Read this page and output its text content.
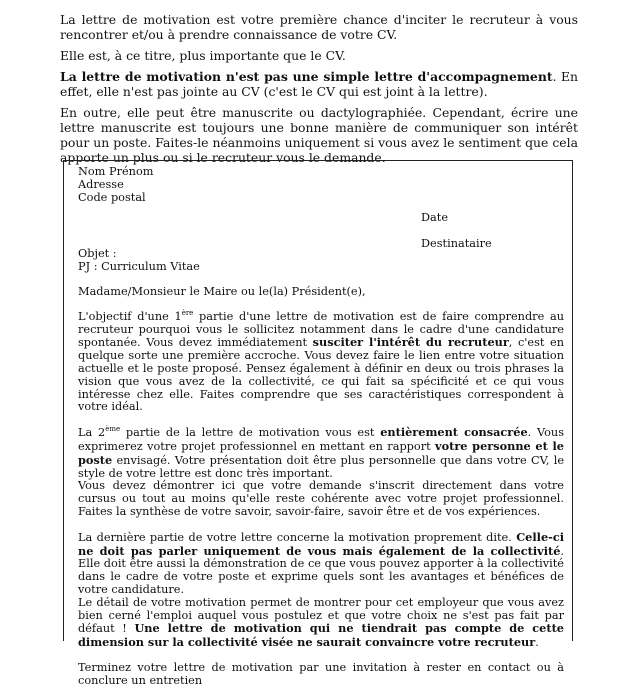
La lettre de motivation est votre première chance d'inciter le recruteur à vous rencontrer et/ou à prendre connaissance de votre CV.

Elle est, à ce titre, plus importante que le CV.

La lettre de motivation n'est pas une simple lettre d'accompagnement. En effet, elle n'est pas jointe au CV (c'est le CV qui est joint à la lettre).

En outre, elle peut être manuscrite ou dactylographiée. Cependant, écrire une lettre manuscrite est toujours une bonne manière de communiquer son intérêt pour un poste. Faites-le néanmoins uniquement si vous avez le sentiment que cela apporte un plus ou si le recruteur vous le demande.

Nom Prénom
Adresse
Code postal
Date
Destinataire
Objet :
PJ : Curriculum Vitae
Madame/Monsieur le Maire ou le(la) Président(e),

L'objectif d'une 1ère partie d'une lettre de motivation est de faire comprendre au recruteur pourquoi vous le sollicitez notamment dans le cadre d'une candidature spontanée. Vous devez immédiatement susciter l'intérêt du recruteur, c'est en quelque sorte une première accroche. Vous devez faire le lien entre votre situation actuelle et le poste proposé. Pensez également à définir en deux ou trois phrases la vision que vous avez de la collectivité, ce qui fait sa spécificité et ce qui vous intéresse chez elle. Faites comprendre que ses caractéristiques correspondent à votre idéal.

La 2ème partie de la lettre de motivation vous est entièrement consacrée. Vous exprimerez votre projet professionnel en mettant en rapport votre personne et le poste envisagé. Votre présentation doit être plus personnelle que dans votre CV, le style de votre lettre est donc très important.

Vous devez démontrer ici que votre demande s'inscrit directement dans votre cursus ou tout au moins qu'elle reste cohérente avec votre projet professionnel. Faites la synthèse de votre savoir, savoir-faire, savoir être et de vos expériences.

La dernière partie de votre lettre concerne la motivation proprement dite. Celle-ci ne doit pas parler uniquement de vous mais également de la collectivité. Elle doit être aussi la démonstration de ce que vous pouvez apporter à la collectivité dans le cadre de votre poste et exprime quels sont les avantages et bénéfices de votre candidature.

Le détail de votre motivation permet de montrer pour cet employeur que vous avez bien cerné l'emploi auquel vous postulez et que votre choix ne s'est pas fait par défaut ! Une lettre de motivation qui ne tiendrait pas compte de cette dimension sur la collectivité visée ne saurait convaincre votre recruteur.

Terminez votre lettre de motivation par une invitation à rester en contact ou à conclure un entretien
